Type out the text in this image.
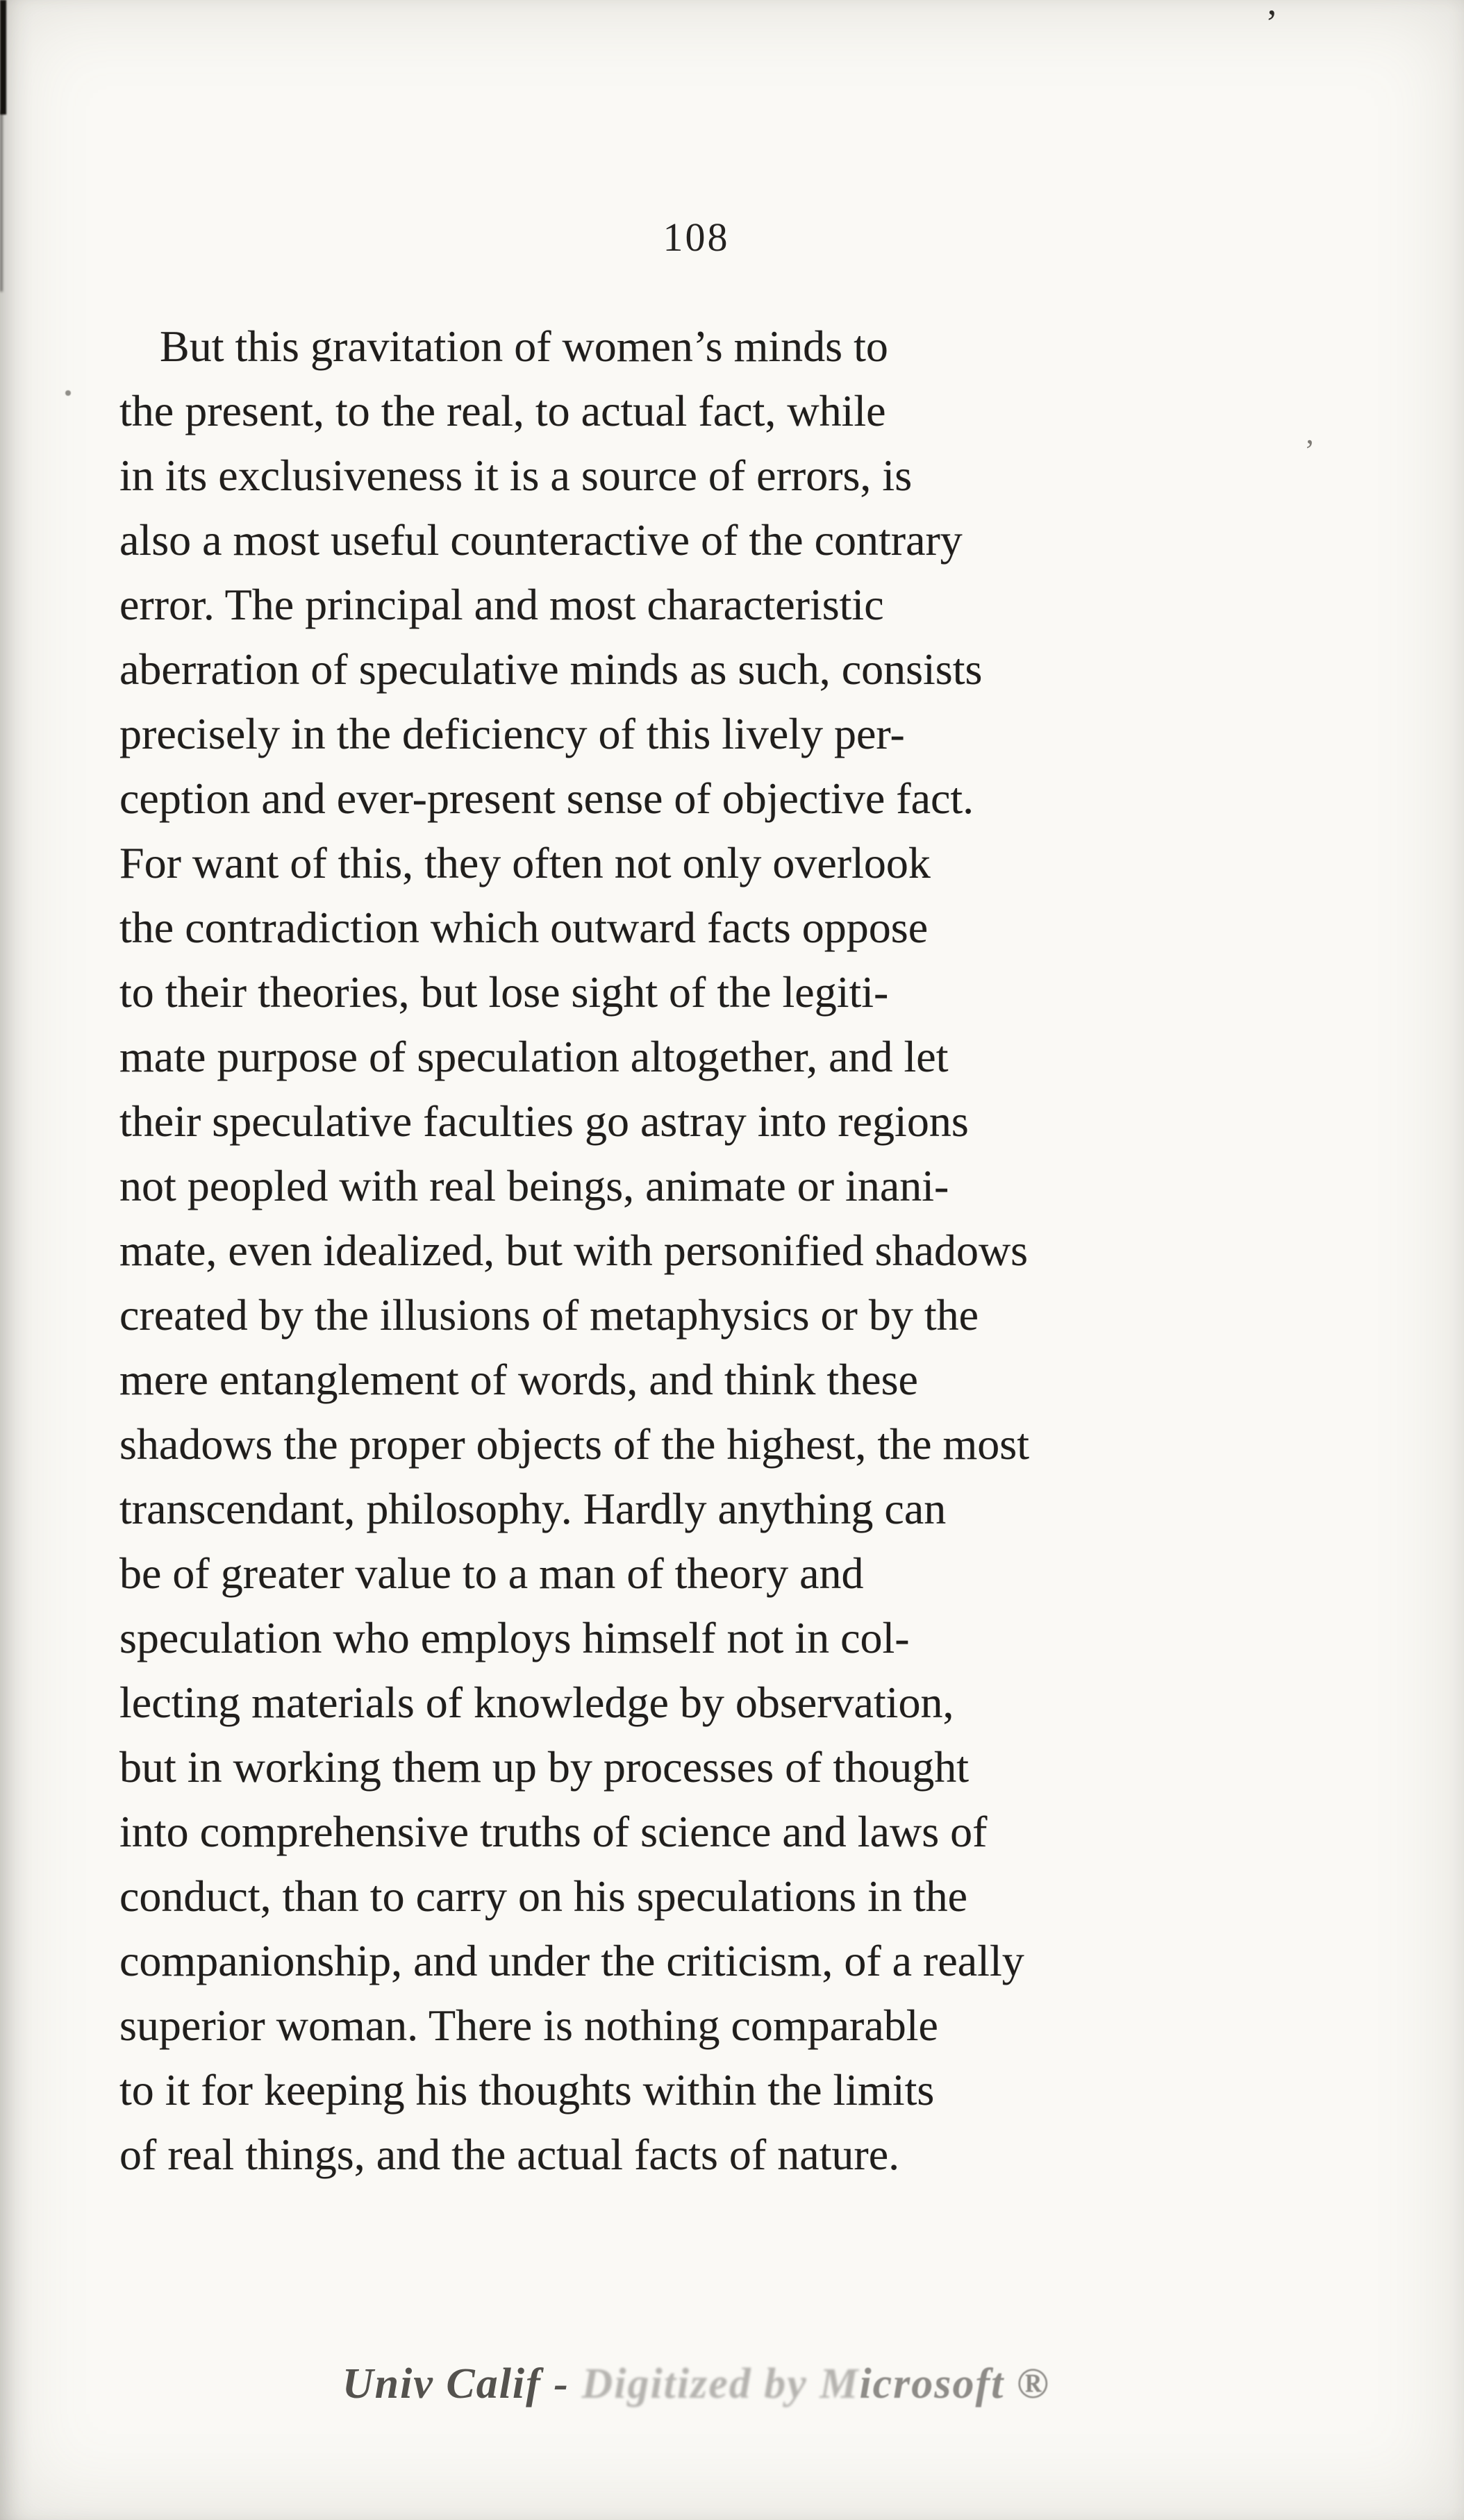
’
’
108
But this gravitation of women’s minds to
the present, to the real, to actual fact, while
in its exclusiveness it is a source of errors, is
also a most useful counteractive of the contrary
error. The principal and most characteristic
aberration of speculative minds as such, consists
precisely in the deficiency of this lively per-
ception and ever-present sense of objective fact.
For want of this, they often not only overlook
the contradiction which outward facts oppose
to their theories, but lose sight of the legiti-
mate purpose of speculation altogether, and let
their speculative faculties go astray into regions
not peopled with real beings, animate or inani-
mate, even idealized, but with personified shadows
created by the illusions of metaphysics or by the
mere entanglement of words, and think these
shadows the proper objects of the highest, the most
transcendant, philosophy. Hardly anything can
be of greater value to a man of theory and
speculation who employs himself not in col-
lecting materials of knowledge by observation,
but in working them up by processes of thought
into comprehensive truths of science and laws of
conduct, than to carry on his speculations in the
companionship, and under the criticism, of a really
superior woman. There is nothing comparable
to it for keeping his thoughts within the limits
of real things, and the actual facts of nature.
Univ Calif - Digitized by Microsoft ®
